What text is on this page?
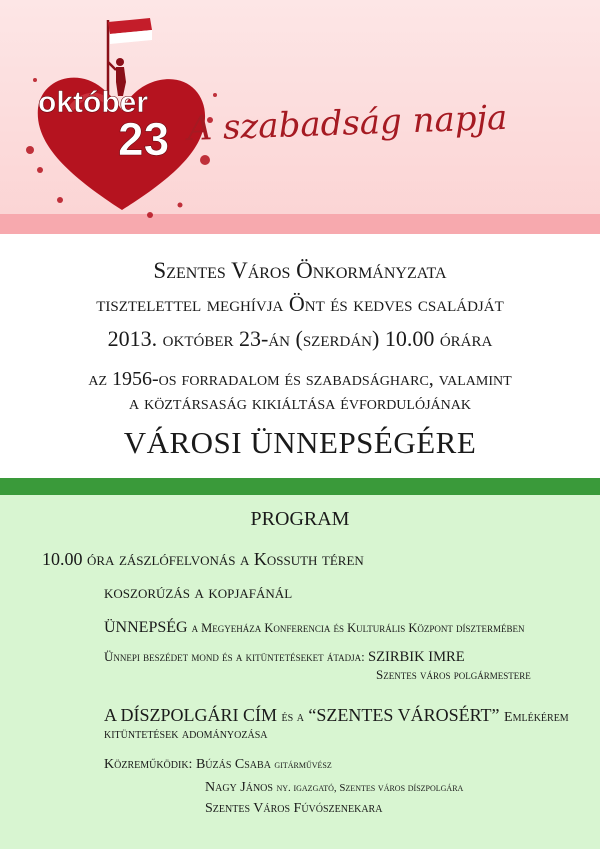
október
23 A szabadság napja
Szentes Város Önkormányzata
tisztelettel meghívja Önt és kedves családját
2013. október 23-án (szerdán) 10.00 órára
az 1956-os forradalom és szabadságharc, valamint
a köztársaság kikiáltása évfordulójának
VÁROSI ÜNNEPSÉGÉRE
PROGRAM
10.00 óra zászlófelvonás a Kossuth téren
koszorúzás a kopjafánál
ÜNNEPSÉG a Megyeháza Konferencia és Kulturális Központ dísztermében
Ünnepi beszédet mond és a kitüntetéseket átadja: SZIRBIK IMRE
Szentes város polgármestere
A DÍSZPOLGÁRI CÍM és a “SZENTES VÁROSÉRT” Emlékérem
kitüntetések adományozása
Közreműködik: Búzás Csaba gitárművész
Nagy János ny. igazgató, Szentes város díszpolgára
Szentes Város Fúvószenekara
